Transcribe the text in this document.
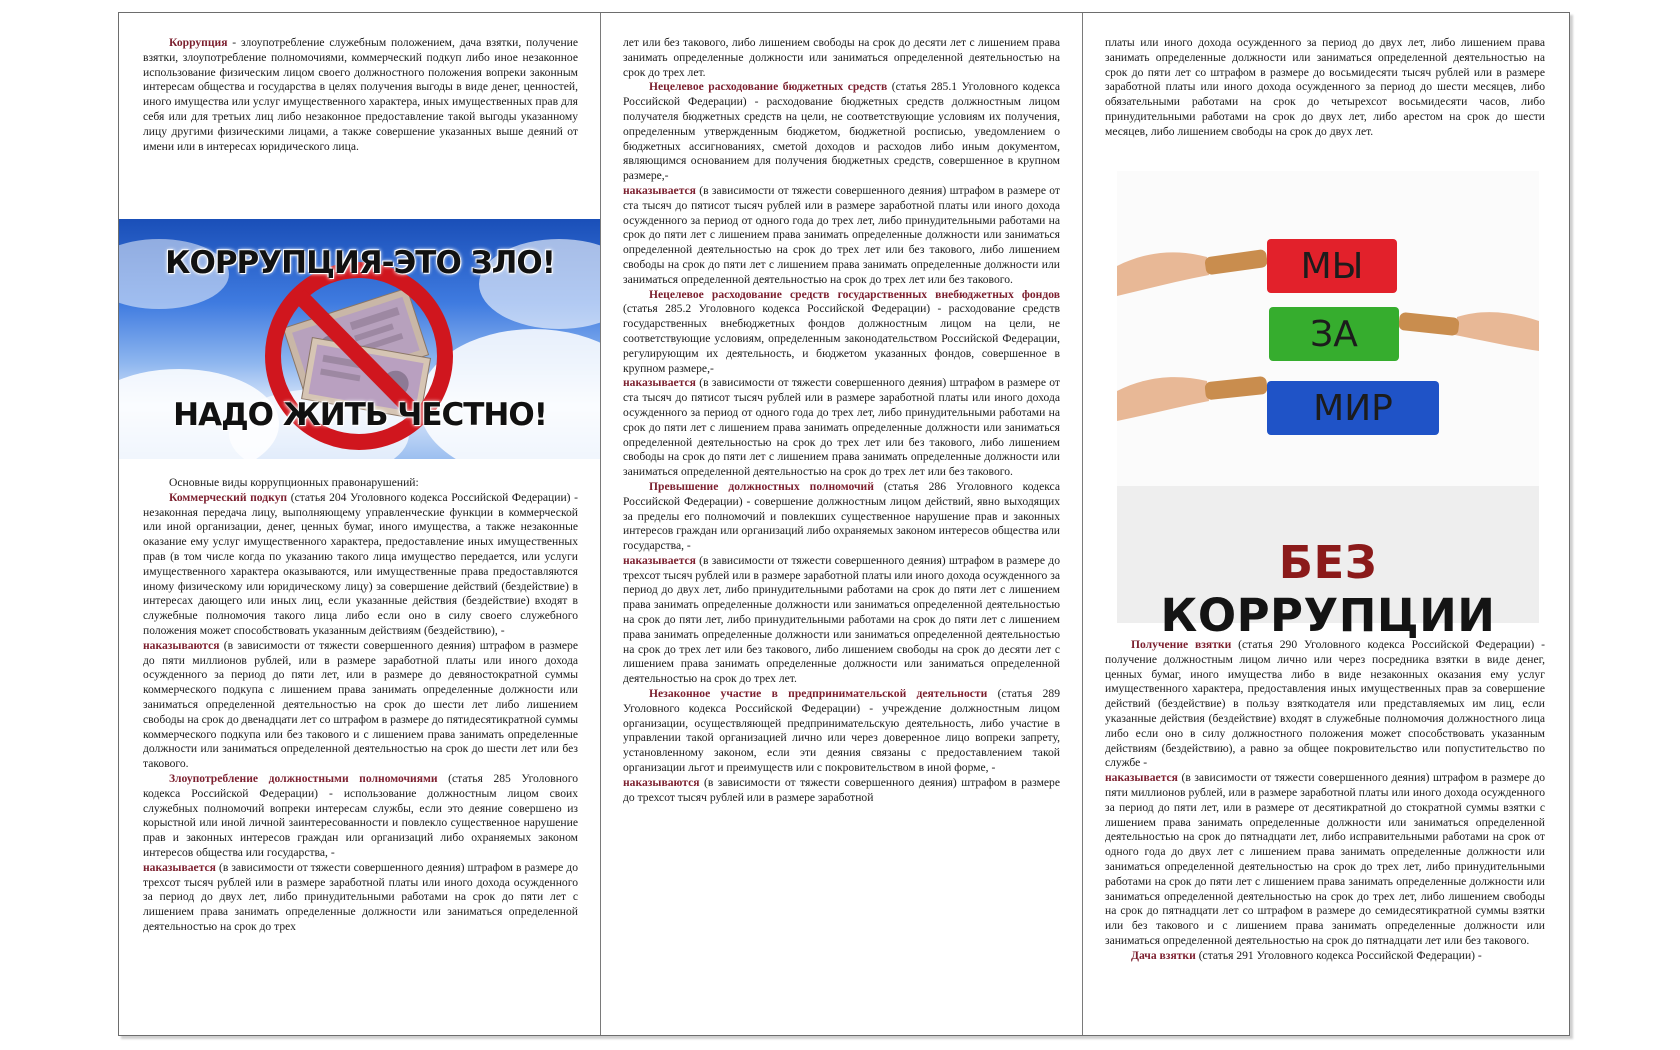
Коррупция - злоупотребление служебным положением, дача взятки, получение взятки, злоупотребление полномочиями, коммерческий подкуп либо иное незаконное использование физическим лицом своего должностного положения вопреки законным интересам общества и государства в целях получения выгоды в виде денег, ценностей, иного имущества или услуг имущественного характера, иных имущественных прав для себя или для третьих лиц либо незаконное предоставление такой выгоды указанному лицу другими физическими лицами, а также совершение указанных выше деяний от имени или в интересах юридического лица.

КОРРУПЦИЯ-ЭТО ЗЛО!
НАДО ЖИТЬ ЧЕСТНО!

Основные виды коррупционных правонарушений:

Коммерческий подкуп (статья 204 Уголовного кодекса Российской Федерации) - незаконная передача лицу, выполняющему управленческие функции в коммерческой или иной организации, денег, ценных бумаг, иного имущества, а также незаконные оказание ему услуг имущественного характера, предоставление иных имущественных прав (в том числе когда по указанию такого лица имущество передается, или услуги имущественного характера оказываются, или имущественные права предоставляются иному физическому или юридическому лицу) за совершение действий (бездействие) в интересах дающего или иных лиц, если указанные действия (бездействие) входят в служебные полномочия такого лица либо если оно в силу своего служебного положения может способствовать указанным действиям (бездействию), -

наказываются (в зависимости от тяжести совершенного деяния) штрафом в размере до пяти миллионов рублей, или в размере заработной платы или иного дохода осужденного за период до пяти лет, или в размере до девяностократной суммы коммерческого подкупа с лишением права занимать определенные должности или заниматься определенной деятельностью на срок до шести лет либо лишением свободы на срок до двенадцати лет со штрафом в размере до пятидесятикратной суммы коммерческого подкупа или без такового и с лишением права занимать определенные должности или заниматься определенной деятельностью на срок до шести лет или без такового.

Злоупотребление должностными полномочиями (статья 285 Уголовного кодекса Российской Федерации) - использование должностным лицом своих служебных полномочий вопреки интересам службы, если это деяние совершено из корыстной или иной личной заинтересованности и повлекло существенное нарушение прав и законных интересов граждан или организаций либо охраняемых законом интересов общества или государства, -

наказывается (в зависимости от тяжести совершенного деяния) штрафом в размере до трехсот тысяч рублей или в размере заработной платы или иного дохода осужденного за период до двух лет, либо принудительными работами на срок до пяти лет с лишением права занимать определенные должности или заниматься определенной деятельностью на срок до трех

лет или без такового, либо лишением свободы на срок до десяти лет с лишением права занимать определенные должности или заниматься определенной деятельностью на срок до трех лет.

Нецелевое расходование бюджетных средств (статья 285.1 Уголовного кодекса Российской Федерации) - расходование бюджетных средств должностным лицом получателя бюджетных средств на цели, не соответствующие условиям их получения, определенным утвержденным бюджетом, бюджетной росписью, уведомлением о бюджетных ассигнованиях, сметой доходов и расходов либо иным документом, являющимся основанием для получения бюджетных средств, совершенное в крупном размере,-

наказывается (в зависимости от тяжести совершенного деяния) штрафом в размере от ста тысяч до пятисот тысяч рублей или в размере заработной платы или иного дохода осужденного за период от одного года до трех лет, либо принудительными работами на срок до пяти лет с лишением права занимать определенные должности или заниматься определенной деятельностью на срок до трех лет или без такового, либо лишением свободы на срок до пяти лет с лишением права занимать определенные должности или заниматься определенной деятельностью на срок до трех лет или без такового.

Нецелевое расходование средств государственных внебюджетных фондов (статья 285.2 Уголовного кодекса Российской Федерации) - расходование средств государственных внебюджетных фондов должностным лицом на цели, не соответствующие условиям, определенным законодательством Российской Федерации, регулирующим их деятельность, и бюджетом указанных фондов, совершенное в крупном размере,-

наказывается (в зависимости от тяжести совершенного деяния) штрафом в размере от ста тысяч до пятисот тысяч рублей или в размере заработной платы или иного дохода осужденного за период от одного года до трех лет, либо принудительными работами на срок до пяти лет с лишением права занимать определенные должности или заниматься определенной деятельностью на срок до трех лет или без такового, либо лишением свободы на срок до пяти лет с лишением права занимать определенные должности или заниматься определенной деятельностью на срок до трех лет или без такового.

Превышение должностных полномочий (статья 286 Уголовного кодекса Российской Федерации) - совершение должностным лицом действий, явно выходящих за пределы его полномочий и повлекших существенное нарушение прав и законных интересов граждан или организаций либо охраняемых законом интересов общества или государства, -

наказывается (в зависимости от тяжести совершенного деяния) штрафом в размере до трехсот тысяч рублей или в размере заработной платы или иного дохода осужденного за период до двух лет, либо принудительными работами на срок до пяти лет с лишением права занимать определенные должности или заниматься определенной деятельностью на срок до пяти лет, либо принудительными работами на срок до пяти лет с лишением права занимать определенные должности или заниматься определенной деятельностью на срок до трех лет или без такового, либо лишением свободы на срок до десяти лет с лишением права занимать определенные должности или заниматься определенной деятельностью на срок до трех лет.

Незаконное участие в предпринимательской деятельности (статья 289 Уголовного кодекса Российской Федерации) - учреждение должностным лицом организации, осуществляющей предпринимательскую деятельность, либо участие в управлении такой организацией лично или через доверенное лицо вопреки запрету, установленному законом, если эти деяния связаны с предоставлением такой организации льгот и преимуществ или с покровительством в иной форме, -

наказываются (в зависимости от тяжести совершенного деяния) штрафом в размере до трехсот тысяч рублей или в размере заработной

платы или иного дохода осужденного за период до двух лет, либо лишением права занимать определенные должности или заниматься определенной деятельностью на срок до пяти лет со штрафом в размере до восьмидесяти тысяч рублей или в размере заработной платы или иного дохода осужденного за период до шести месяцев, либо обязательными работами на срок до четырехсот восьмидесяти часов, либо принудительными работами на срок до двух лет, либо арестом на срок до шести месяцев, либо лишением свободы на срок до двух лет.
МЫ
ЗА
МИР
БЕЗ КОРРУПЦИИ

Получение взятки (статья 290 Уголовного кодекса Российской Федерации) - получение должностным лицом лично или через посредника взятки в виде денег, ценных бумаг, иного имущества либо в виде незаконных оказания ему услуг имущественного характера, предоставления иных имущественных прав за совершение действий (бездействие) в пользу взяткодателя или представляемых им лиц, если указанные действия (бездействие) входят в служебные полномочия должностного лица либо если оно в силу должностного положения может способствовать указанным действиям (бездействию), а равно за общее покровительство или попустительство по службе -

наказывается (в зависимости от тяжести совершенного деяния) штрафом в размере до пяти миллионов рублей, или в размере заработной платы или иного дохода осужденного за период до пяти лет, или в размере от десятикратной до стократной суммы взятки с лишением права занимать определенные должности или заниматься определенной деятельностью на срок до пятнадцати лет, либо исправительными работами на срок от одного года до двух лет с лишением права занимать определенные должности или заниматься определенной деятельностью на срок до трех лет, либо принудительными работами на срок до пяти лет с лишением права занимать определенные должности или заниматься определенной деятельностью на срок до трех лет, либо лишением свободы на срок до пятнадцати лет со штрафом в размере до семидесятикратной суммы взятки или без такового и с лишением права занимать определенные должности или заниматься определенной деятельностью на срок до пятнадцати лет или без такового.

Дача взятки (статья 291 Уголовного кодекса Российской Федерации) -
